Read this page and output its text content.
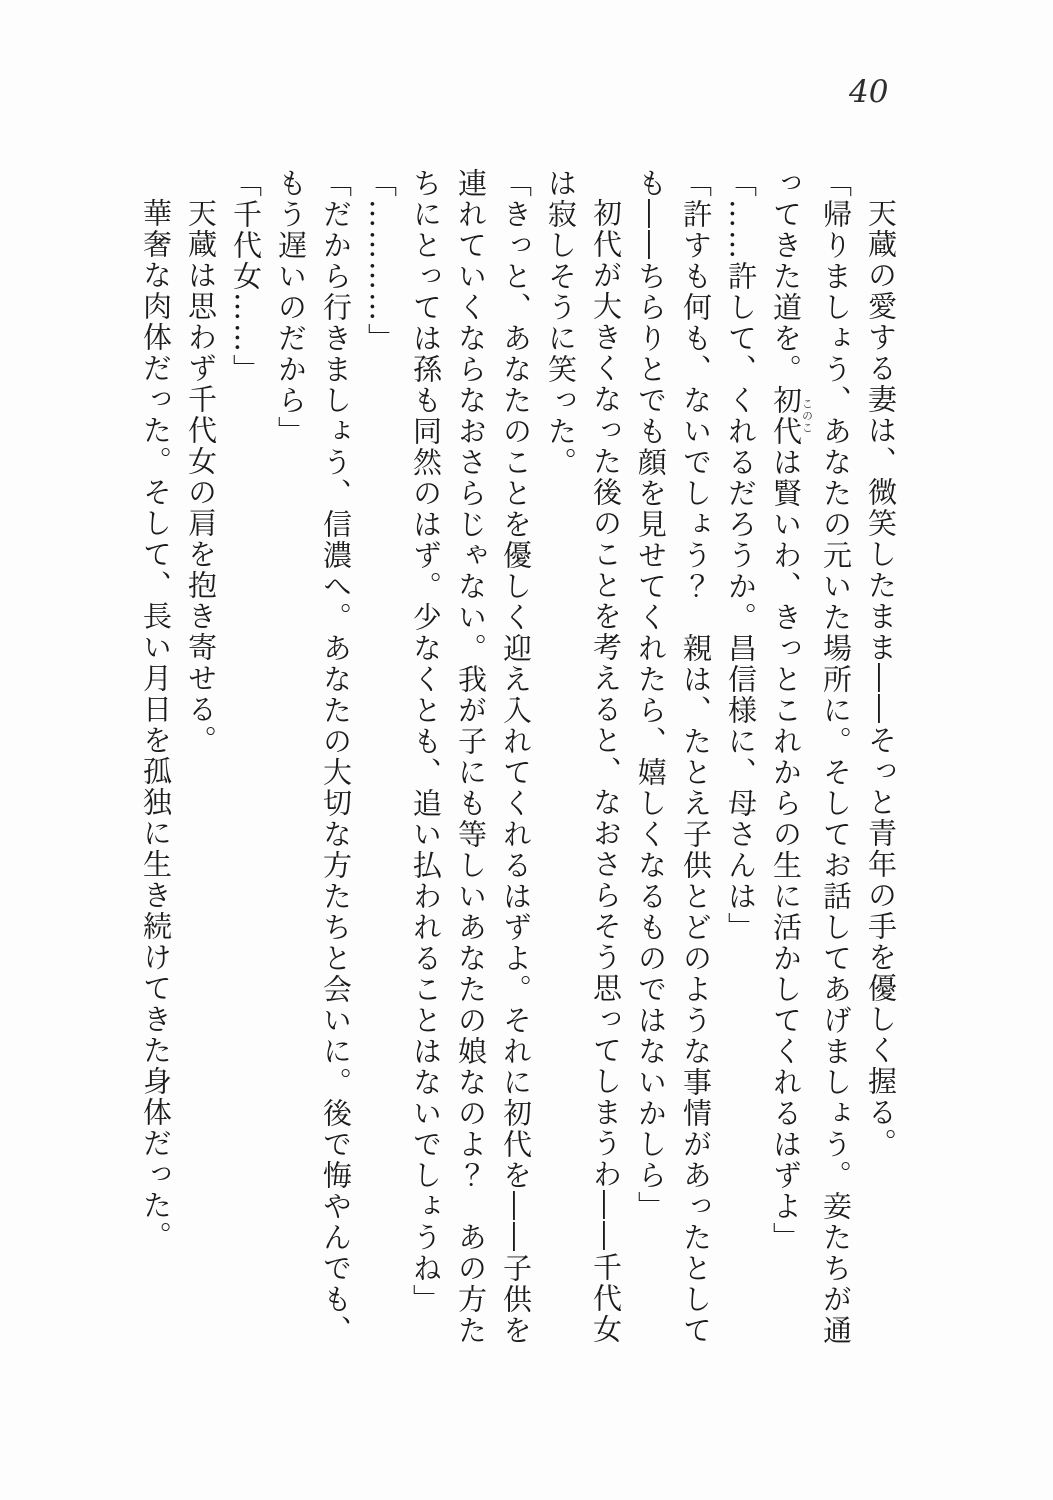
40
天蔵の愛する妻は、微笑したまま――そっと青年の手を優しく握る。
「帰りましょう、あなたの元いた場所に。そしてお話してあげましょう。妾たちが通
ってきた道を。初代このこは賢いわ、きっとこれからの生に活かしてくれるはずよ」
「……許して、くれるだろうか。昌信様に、母さんは」
「許すも何も、ないでしょう？　親は、たとえ子供とどのような事情があったとして
も――ちらりとでも顔を見せてくれたら、嬉しくなるものではないかしら」
初代が大きくなった後のことを考えると、なおさらそう思ってしまうわ――千代女
は寂しそうに笑った。
「きっと、あなたのことを優しく迎え入れてくれるはずよ。それに初代を――子供を
連れていくならなおさらじゃない。我が子にも等しいあなたの娘なのよ？　あの方た
ちにとっては孫も同然のはず。少なくとも、追い払われることはないでしょうね」
「…………」
「だから行きましょう、信濃へ。あなたの大切な方たちと会いに。後で悔やんでも、
もう遅いのだから」
「千代女……」
天蔵は思わず千代女の肩を抱き寄せる。
華奢な肉体だった。そして、長い月日を孤独に生き続けてきた身体だった。
